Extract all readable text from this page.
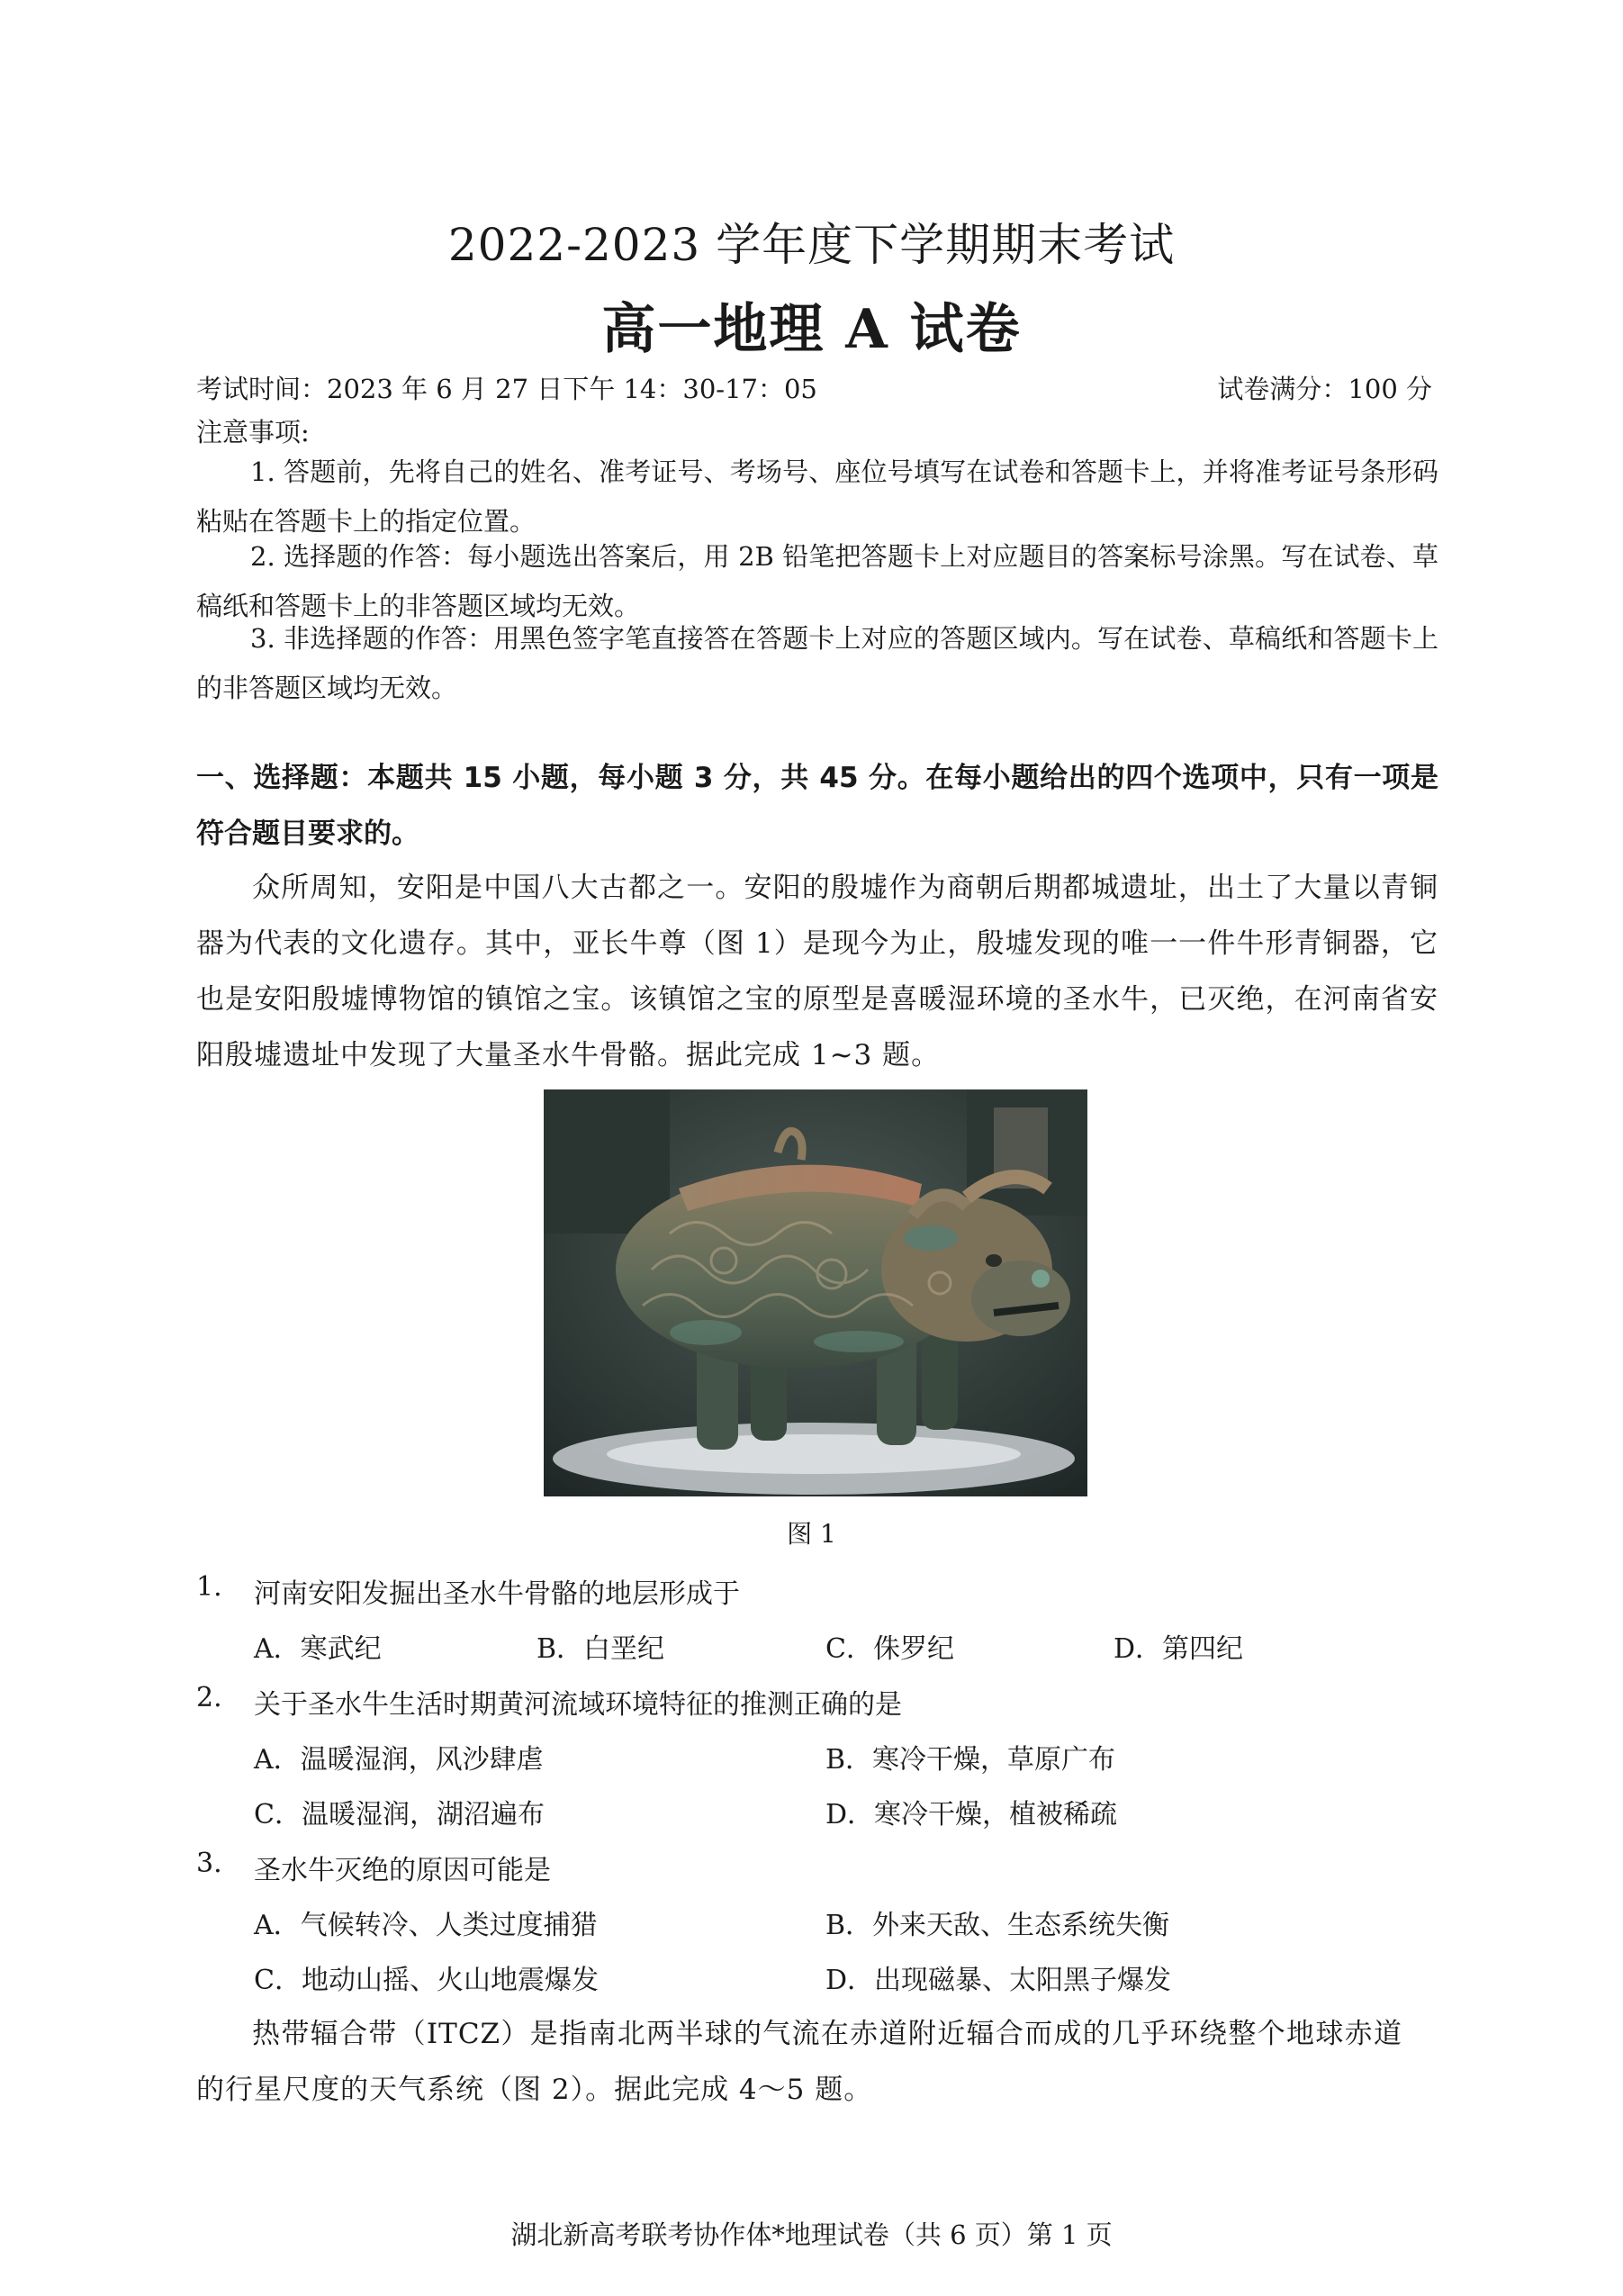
2022-2023 学年度下学期期末考试
高一地理 A 试卷
考试时间：2023 年 6 月 27 日下午 14：30-17：05	试卷满分：100 分
注意事项:
1. 答题前，先将自己的姓名、准考证号、考场号、座位号填写在试卷和答题卡上，并将准考证号条形码粘贴在答题卡上的指定位置。
2. 选择题的作答：每小题选出答案后，用 2B 铅笔把答题卡上对应题目的答案标号涂黑。写在试卷、草稿纸和答题卡上的非答题区域均无效。
3. 非选择题的作答：用黑色签字笔直接答在答题卡上对应的答题区域内。写在试卷、草稿纸和答题卡上的非答题区域均无效。
一、选择题：本题共 15 小题，每小题 3 分，共 45 分。在每小题给出的四个选项中，只有一项是符合题目要求的。
众所周知，安阳是中国八大古都之一。安阳的殷墟作为商朝后期都城遗址，出土了大量以青铜器为代表的文化遗存。其中，亚长牛尊（图 1）是现今为止，殷墟发现的唯一一件牛形青铜器，它也是安阳殷墟博物馆的镇馆之宝。该镇馆之宝的原型是喜暖湿环境的圣水牛，已灭绝，在河南省安阳殷墟遗址中发现了大量圣水牛骨骼。据此完成 1~3 题。
图 1
1. 河南安阳发掘出圣水牛骨骼的地层形成于
A．寒武纪	B．白垩纪	C．侏罗纪	D．第四纪
2. 关于圣水牛生活时期黄河流域环境特征的推测正确的是
A．温暖湿润，风沙肆虐	B．寒冷干燥，草原广布
C．温暖湿润，湖沼遍布	D．寒冷干燥，植被稀疏
3. 圣水牛灭绝的原因可能是
A．气候转冷、人类过度捕猎	B．外来天敌、生态系统失衡
C．地动山摇、火山地震爆发	D．出现磁暴、太阳黑子爆发
热带辐合带（ITCZ）是指南北两半球的气流在赤道附近辐合而成的几乎环绕整个地球赤道的行星尺度的天气系统（图 2）。据此完成 4～5 题。
湖北新高考联考协作体*地理试卷（共 6 页）第 1 页
